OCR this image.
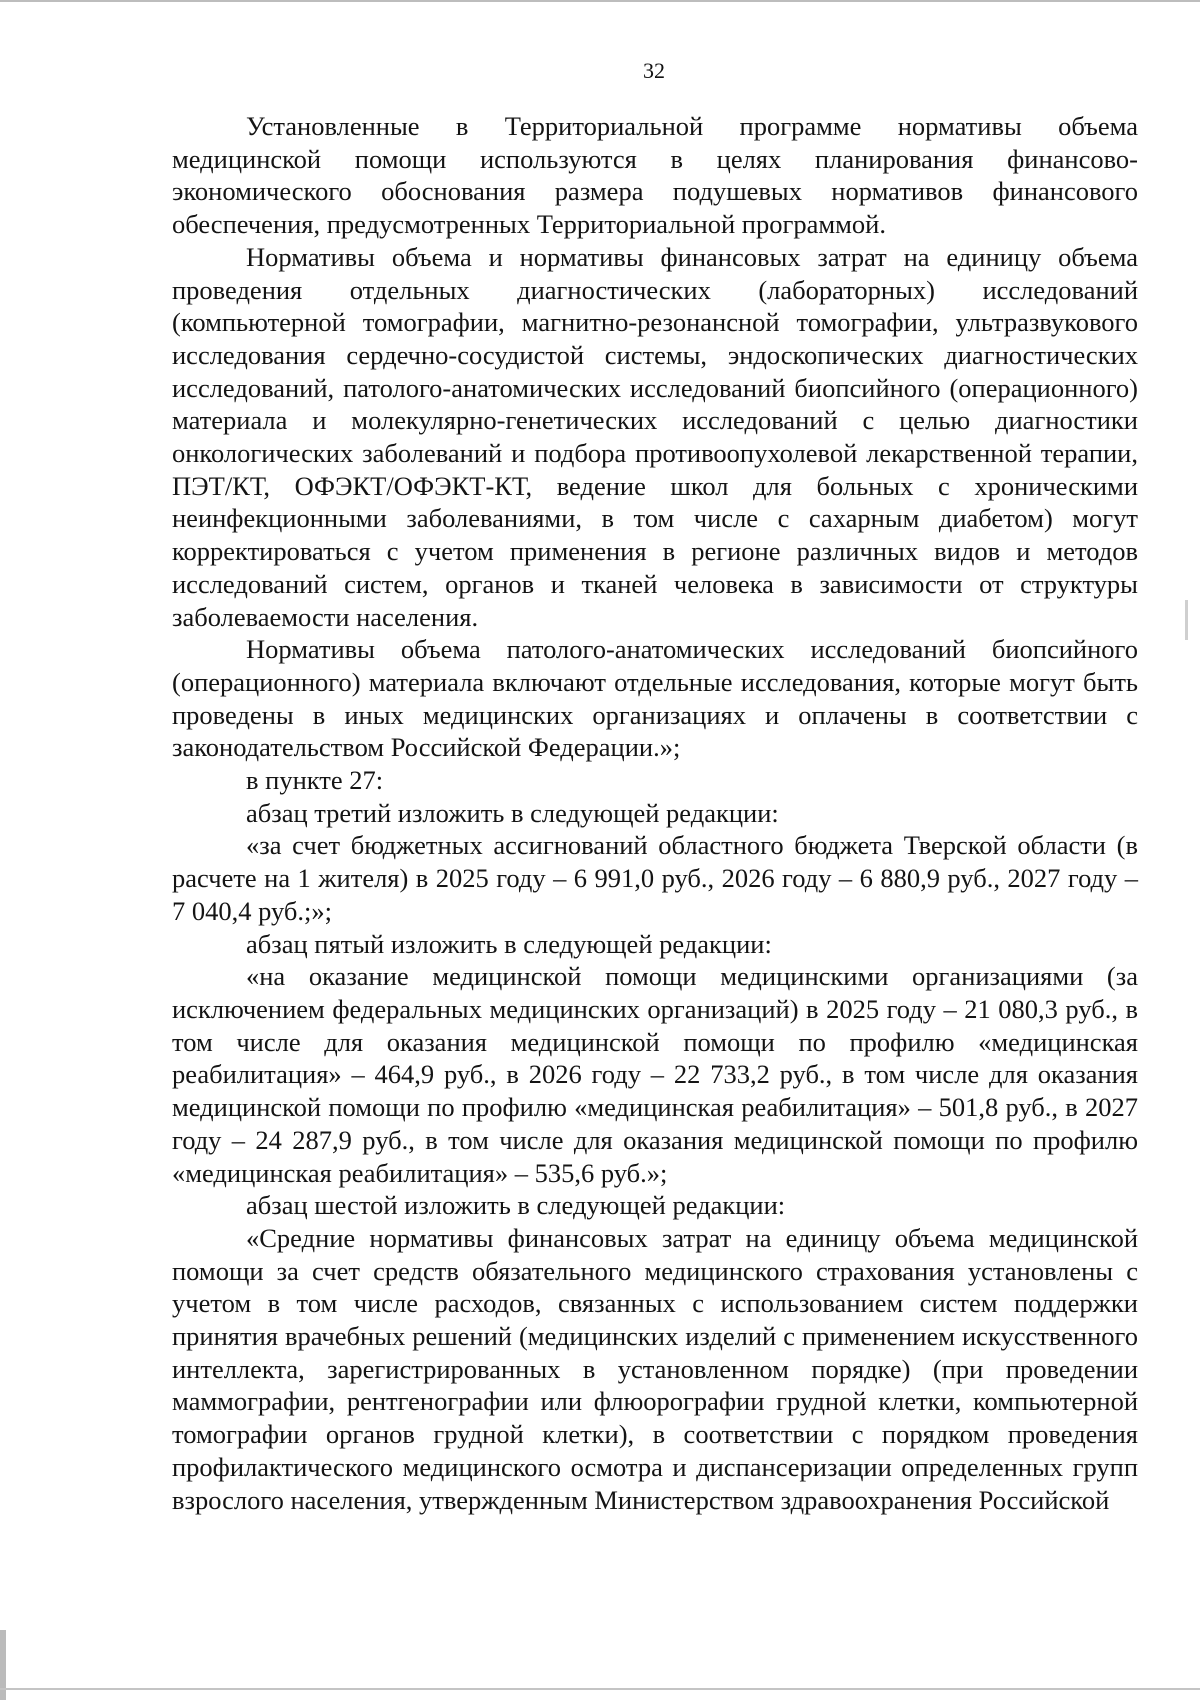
32

Установленные в Территориальной программе нормативы объема медицинской помощи используются в целях планирования финансово-экономического обоснования размера подушевых нормативов финансового обеспечения, предусмотренных Территориальной программой.

Нормативы объема и нормативы финансовых затрат на единицу объема проведения отдельных диагностических (лабораторных) исследований (компьютерной томографии, магнитно-резонансной томографии, ультразвукового исследования сердечно-сосудистой системы, эндоскопических диагностических исследований, патолого-анатомических исследований биопсийного (операционного) материала и молекулярно-генетических исследований с целью диагностики онкологических заболеваний и подбора противоопухолевой лекарственной терапии, ПЭТ/КТ, ОФЭКТ/ОФЭКТ-КТ, ведение школ для больных с хроническими неинфекционными заболеваниями, в том числе с сахарным диабетом) могут корректироваться с учетом применения в регионе различных видов и методов исследований систем, органов и тканей человека в зависимости от структуры заболеваемости населения.

Нормативы объема патолого-анатомических исследований биопсийного (операционного) материала включают отдельные исследования, которые могут быть проведены в иных медицинских организациях и оплачены в соответствии с законодательством Российской Федерации.»;

в пункте 27:

абзац третий изложить в следующей редакции:

«за счет бюджетных ассигнований областного бюджета Тверской области (в расчете на 1 жителя) в 2025 году – 6 991,0 руб., 2026 году – 6 880,9 руб., 2027 году – 7 040,4 руб.;»;

абзац пятый изложить в следующей редакции:

«на оказание медицинской помощи медицинскими организациями (за исключением федеральных медицинских организаций) в 2025 году – 21 080,3 руб., в том числе для оказания медицинской помощи по профилю «медицинская реабилитация» – 464,9 руб., в 2026 году – 22 733,2 руб., в том числе для оказания медицинской помощи по профилю «медицинская реабилитация» – 501,8 руб., в 2027 году – 24 287,9 руб., в том числе для оказания медицинской помощи по профилю «медицинская реабилитация» – 535,6 руб.»;

абзац шестой изложить в следующей редакции:

«Средние нормативы финансовых затрат на единицу объема медицинской помощи за счет средств обязательного медицинского страхования установлены с учетом в том числе расходов, связанных с использованием систем поддержки принятия врачебных решений (медицинских изделий с применением искусственного интеллекта, зарегистрированных в установленном порядке) (при проведении маммографии, рентгенографии или флюорографии грудной клетки, компьютерной томографии органов грудной клетки), в соответствии с порядком проведения профилактического медицинского осмотра и диспансеризации определенных групп взрослого населения, утвержденным Министерством здравоохранения Российской
